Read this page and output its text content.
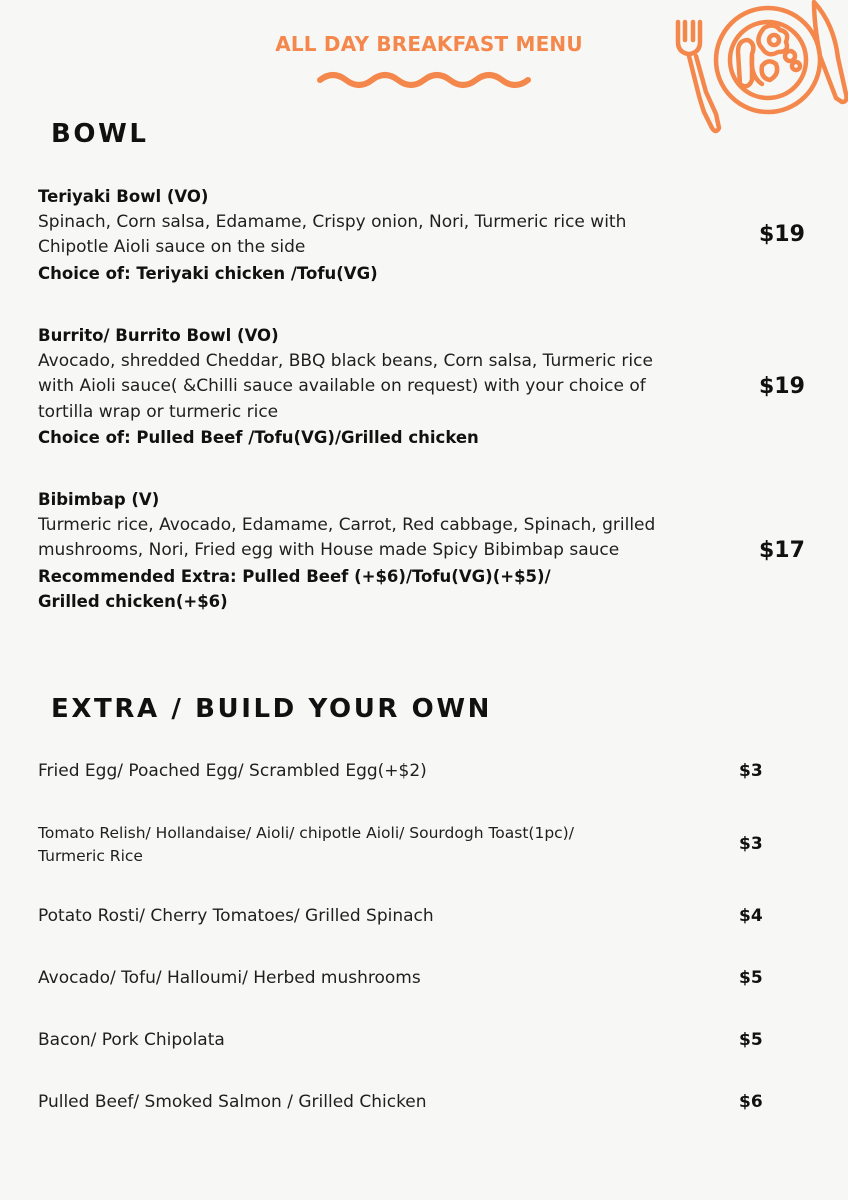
ALL DAY BREAKFAST MENU
BOWL
Teriyaki Bowl (VO)
Spinach, Corn salsa, Edamame, Crispy onion, Nori, Turmeric rice with
Chipotle Aioli sauce on the side
Choice of: Teriyaki chicken /Tofu(VG)
$19
Burrito/ Burrito Bowl (VO)
Avocado, shredded Cheddar, BBQ black beans, Corn salsa, Turmeric rice
with Aioli sauce( &Chilli sauce available on request) with your choice of
tortilla wrap or turmeric rice
Choice of: Pulled Beef /Tofu(VG)/Grilled chicken
$19
Bibimbap (V)
Turmeric rice, Avocado, Edamame, Carrot, Red cabbage, Spinach, grilled
mushrooms, Nori, Fried egg with House made Spicy Bibimbap sauce
Recommended Extra: Pulled Beef (+$6)/Tofu(VG)(+$5)/
Grilled chicken(+$6)
$17
EXTRA / BUILD YOUR OWN
Fried Egg/ Poached Egg/ Scrambled Egg(+$2)	$3
Tomato Relish/ Hollandaise/ Aioli/ chipotle Aioli/ Sourdogh Toast(1pc)/
Turmeric Rice
$3
Potato Rosti/ Cherry Tomatoes/ Grilled Spinach	$4
Avocado/ Tofu/ Halloumi/ Herbed mushrooms	$5
Bacon/ Pork Chipolata	$5
Pulled Beef/ Smoked Salmon / Grilled Chicken	$6
